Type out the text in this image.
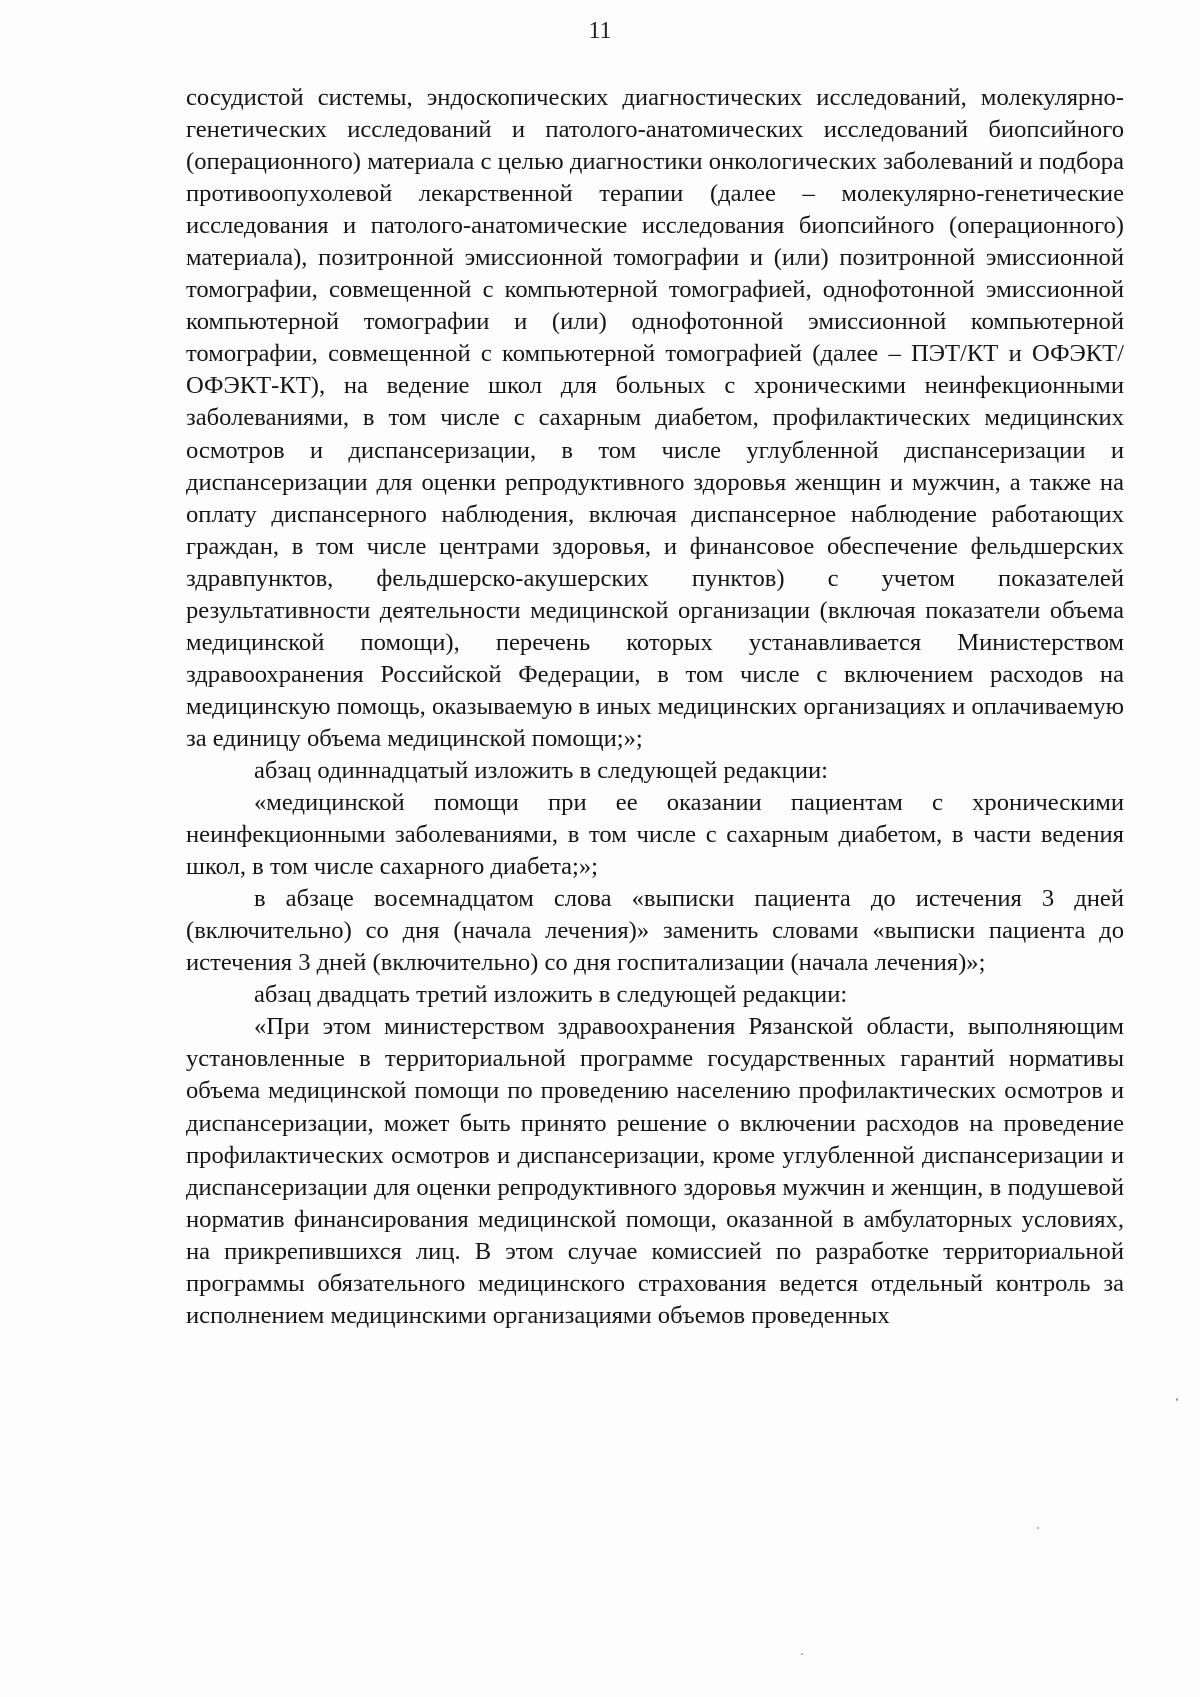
11

сосудистой системы, эндоскопических диагностических исследований, молекулярно-генетических исследований и патолого-анатомических исследований биопсийного (операционного) материала с целью диагностики онкологических заболеваний и подбора противоопухолевой лекарственной терапии (далее – молекулярно-генетические исследования и патолого-анатомические исследования биопсийного (операционного) материала), позитронной эмиссионной томографии и (или) позитронной эмиссионной томографии, совмещенной с компьютерной томографией, однофотонной эмиссионной компьютерной томографии и (или) однофотонной эмиссионной компьютерной томографии, совмещенной с компьютерной томографией (далее – ПЭТ/КТ и ОФЭКТ/ОФЭКТ-КТ), на ведение школ для больных с хроническими неинфекционными заболеваниями, в том числе с сахарным диабетом, профилактических медицинских осмотров и диспансеризации, в том числе углубленной диспансеризации и диспансеризации для оценки репродуктивного здоровья женщин и мужчин, а также на оплату диспансерного наблюдения, включая диспансерное наблюдение работающих граждан, в том числе центрами здоровья, и финансовое обеспечение фельдшерских здравпунктов, фельдшерско-акушерских пунктов) с учетом показателей результативности деятельности медицинской организации (включая показатели объема медицинской помощи), перечень которых устанавливается Министерством здравоохранения Российской Федерации, в том числе с включением расходов на медицинскую помощь, оказываемую в иных медицинских организациях и оплачиваемую за единицу объема медицинской помощи;»;

абзац одиннадцатый изложить в следующей редакции:

«медицинской помощи при ее оказании пациентам с хроническими неинфекционными заболеваниями, в том числе с сахарным диабетом, в части ведения школ, в том числе сахарного диабета;»;

в абзаце восемнадцатом слова «выписки пациента до истечения 3 дней (включительно) со дня (начала лечения)» заменить словами «выписки пациента до истечения 3 дней (включительно) со дня госпитализации (начала лечения)»;

абзац двадцать третий изложить в следующей редакции:

«При этом министерством здравоохранения Рязанской области, выполняющим установленные в территориальной программе государственных гарантий нормативы объема медицинской помощи по проведению населению профилактических осмотров и диспансеризации, может быть принято решение о включении расходов на проведение профилактических осмотров и диспансеризации, кроме углубленной диспансеризации и диспансеризации для оценки репродуктивного здоровья мужчин и женщин, в подушевой норматив финансирования медицинской помощи, оказанной в амбулаторных условиях, на прикрепившихся лиц. В этом случае комиссией по разработке территориальной программы обязательного медицинского страхования ведется отдельный контроль за исполнением медицинскими организациями объемов проведенных
